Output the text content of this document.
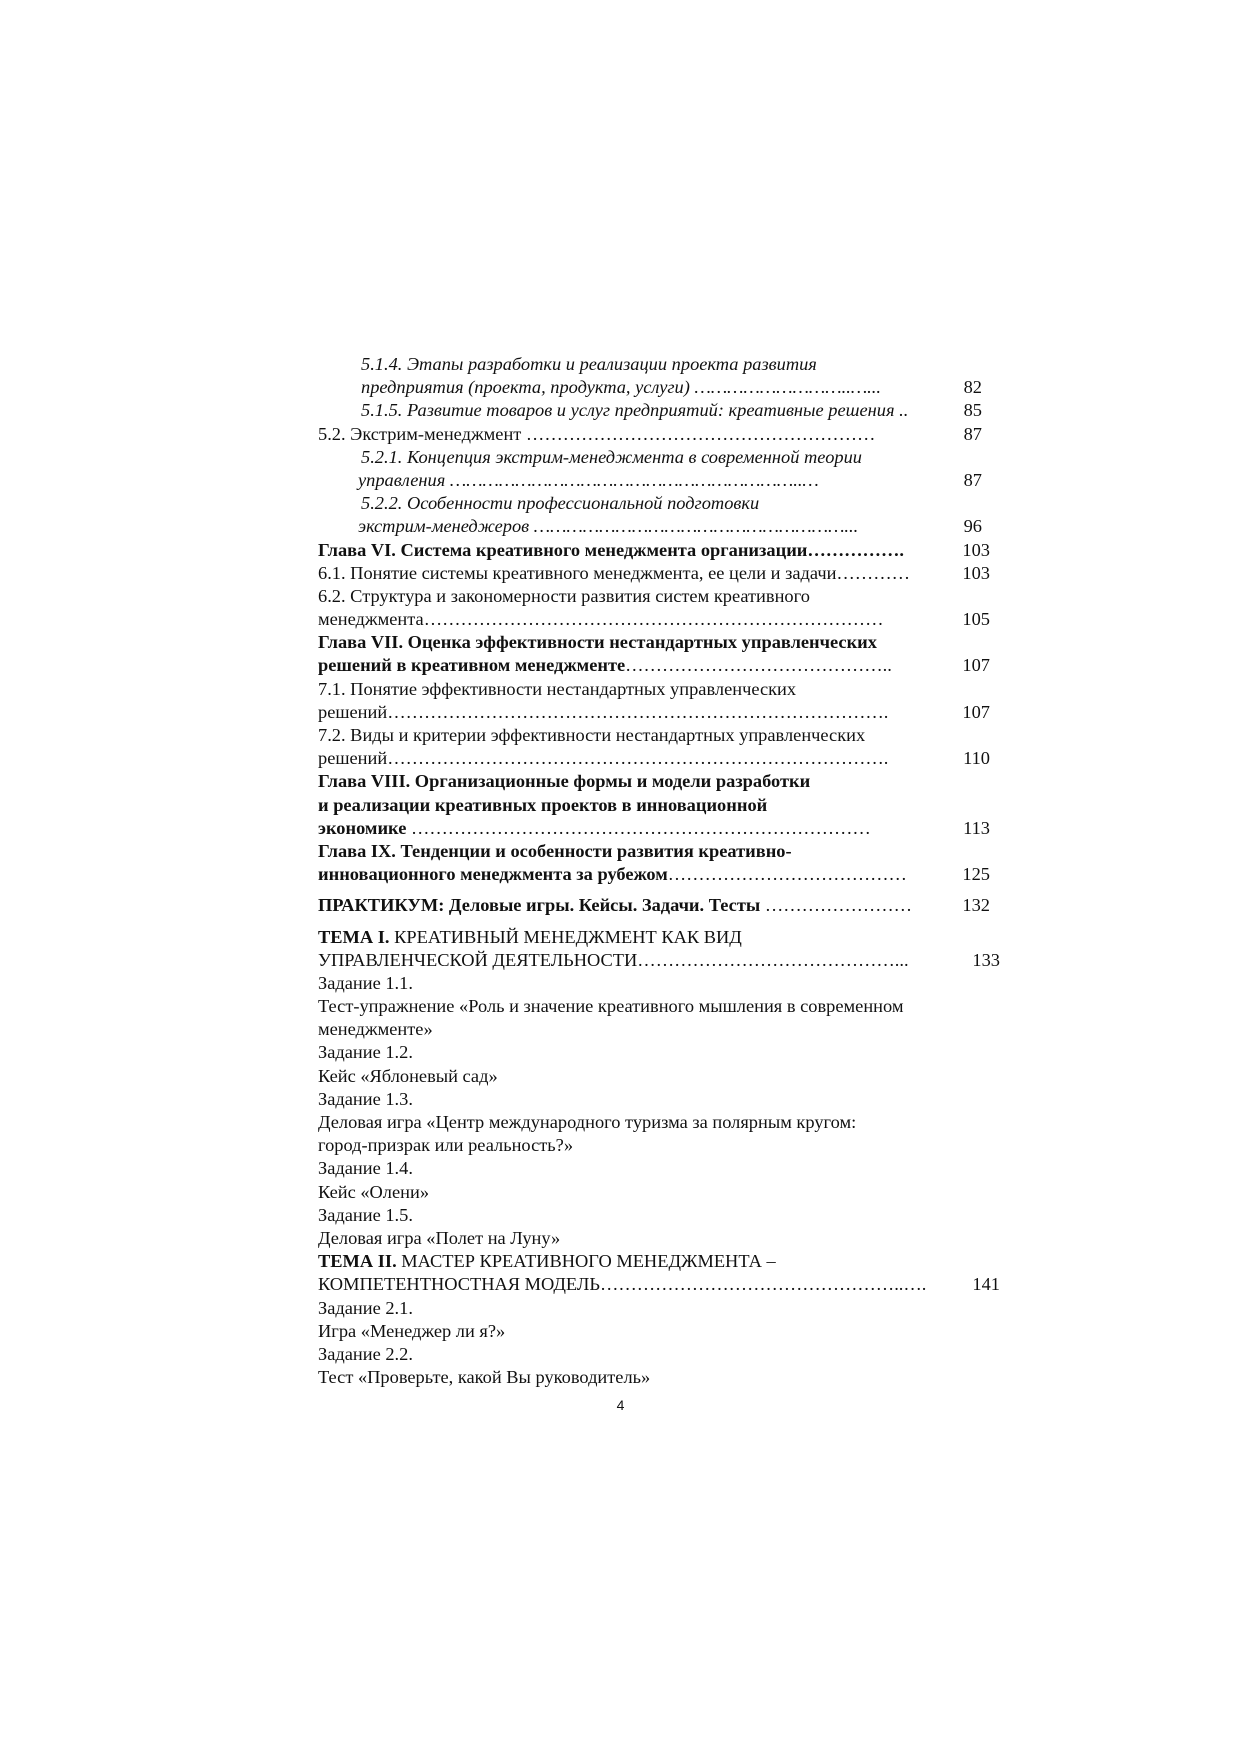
5.1.4. Этапы разработки и реализации проекта развития
предприятия (проекта, продукта, услуги) ………………………..…...	82
5.1.5. Развитие товаров и услуг предприятий: креативные решения ..	85
5.2. Экстрим-менеджмент …………………………………………………	87
5.2.1. Концепция экстрим-менеджмента в современной теории
управления ………………………………………………………..…	87
5.2.2. Особенности профессиональной подготовки
экстрим-менеджеров …………………………………………………...	96
Глава VI. Система креативного менеджмента организации…………….	103
6.1. Понятие системы креативного менеджмента, ее цели и задачи…………	103
6.2. Структура и закономерности развития систем креативного
менеджмента…………………………………………………………………	105
Глава VII. Оценка эффективности нестандартных управленческих
решений в креативном менеджменте……………………………………..	107
7.1. Понятие эффективности нестандартных управленческих
решений……………………………………………………………………….	107
7.2. Виды и критерии эффективности нестандартных управленческих
решений……………………………………………………………………….	110
Глава VIII. Организационные формы и модели разработки
и реализации креативных проектов в инновационной
экономике …………………………………………………………………	113
Глава IX. Тенденции и особенности развития креативно-
инновационного менеджмента за рубежом…………………………………	125
ПРАКТИКУМ: Деловые игры. Кейсы. Задачи. Тесты ……………………	132
ТЕМА I. КРЕАТИВНЫЙ МЕНЕДЖМЕНТ КАК ВИД
УПРАВЛЕНЧЕСКОЙ ДЕЯТЕЛЬНОСТИ……………………………………...	133
Задание 1.1.
Тест-упражнение «Роль и значение креативного мышления в современном
менеджменте»
Задание 1.2.
Кейс «Яблоневый сад»
Задание 1.3.
Деловая игра «Центр международного туризма за полярным кругом:
город-призрак или реальность?»
Задание 1.4.
Кейс «Олени»
Задание 1.5.
Деловая игра «Полет на Луну»
ТЕМА II. МАСТЕР КРЕАТИВНОГО МЕНЕДЖМЕНТА –
КОМПЕТЕНТНОСТНАЯ МОДЕЛЬ…………………………………………..….	141
Задание 2.1.
Игра «Менеджер ли я?»
Задание 2.2.
Тест «Проверьте, какой Вы руководитель»
4
